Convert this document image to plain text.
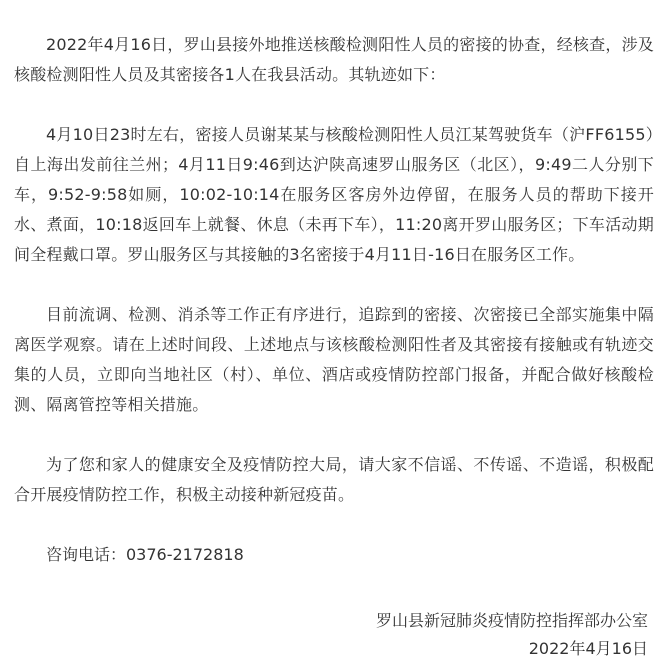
2022年4月16日，罗山县接外地推送核酸检测阳性人员的密接的协查，经核查，涉及核酸检测阳性人员及其密接各1人在我县活动。其轨迹如下：

4月10日23时左右，密接人员谢某某与核酸检测阳性人员江某驾驶货车（沪FF6155）自上海出发前往兰州；4月11日9:46到达沪陕高速罗山服务区（北区），9:49二人分别下车，9:52-9:58如厕，10:02-10:14在服务区客房外边停留，在服务人员的帮助下接开水、煮面，10:18返回车上就餐、休息（未再下车），11:20离开罗山服务区；下车活动期间全程戴口罩。罗山服务区与其接触的3名密接于4月11日-16日在服务区工作。

目前流调、检测、消杀等工作正有序进行，追踪到的密接、次密接已全部实施集中隔离医学观察。请在上述时间段、上述地点与该核酸检测阳性者及其密接有接触或有轨迹交集的人员，立即向当地社区（村）、单位、酒店或疫情防控部门报备，并配合做好核酸检测、隔离管控等相关措施。

为了您和家人的健康安全及疫情防控大局，请大家不信谣、不传谣、不造谣，积极配合开展疫情防控工作，积极主动接种新冠疫苗。

咨询电话：0376-2172818

罗山县新冠肺炎疫情防控指挥部办公室
2022年4月16日
